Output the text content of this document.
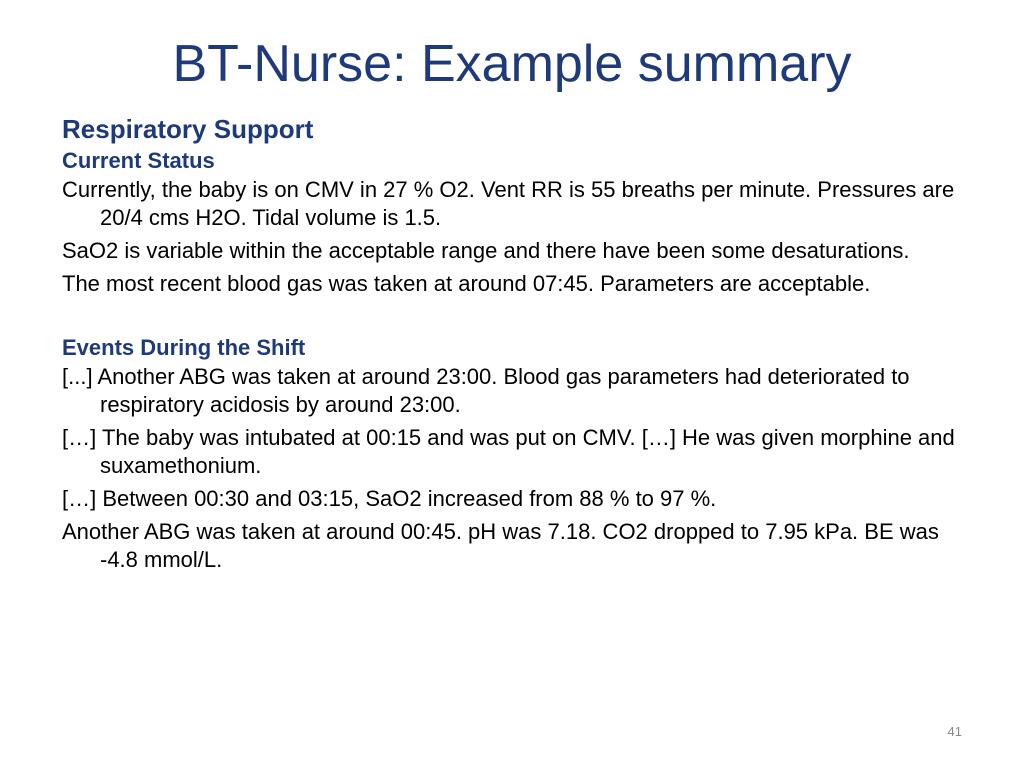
BT-Nurse: Example summary
Respiratory Support
Current Status

Currently, the baby is on CMV in 27 % O2. Vent RR is 55 breaths per minute. Pressures are 20/4 cms H2O. Tidal volume is 1.5.

SaO2 is variable within the acceptable range and there have been some desaturations.

The most recent blood gas was taken at around 07:45. Parameters are acceptable.

Events During the Shift

[...] Another ABG was taken at around 23:00. Blood gas parameters had deteriorated to respiratory acidosis by around 23:00.

[…] The baby was intubated at 00:15 and was put on CMV. […] He was given morphine and suxamethonium.

[…] Between 00:30 and 03:15, SaO2 increased from 88 % to 97 %.

Another ABG was taken at around 00:45. pH was 7.18. CO2 dropped to 7.95 kPa. BE was -4.8 mmol/L.

41
